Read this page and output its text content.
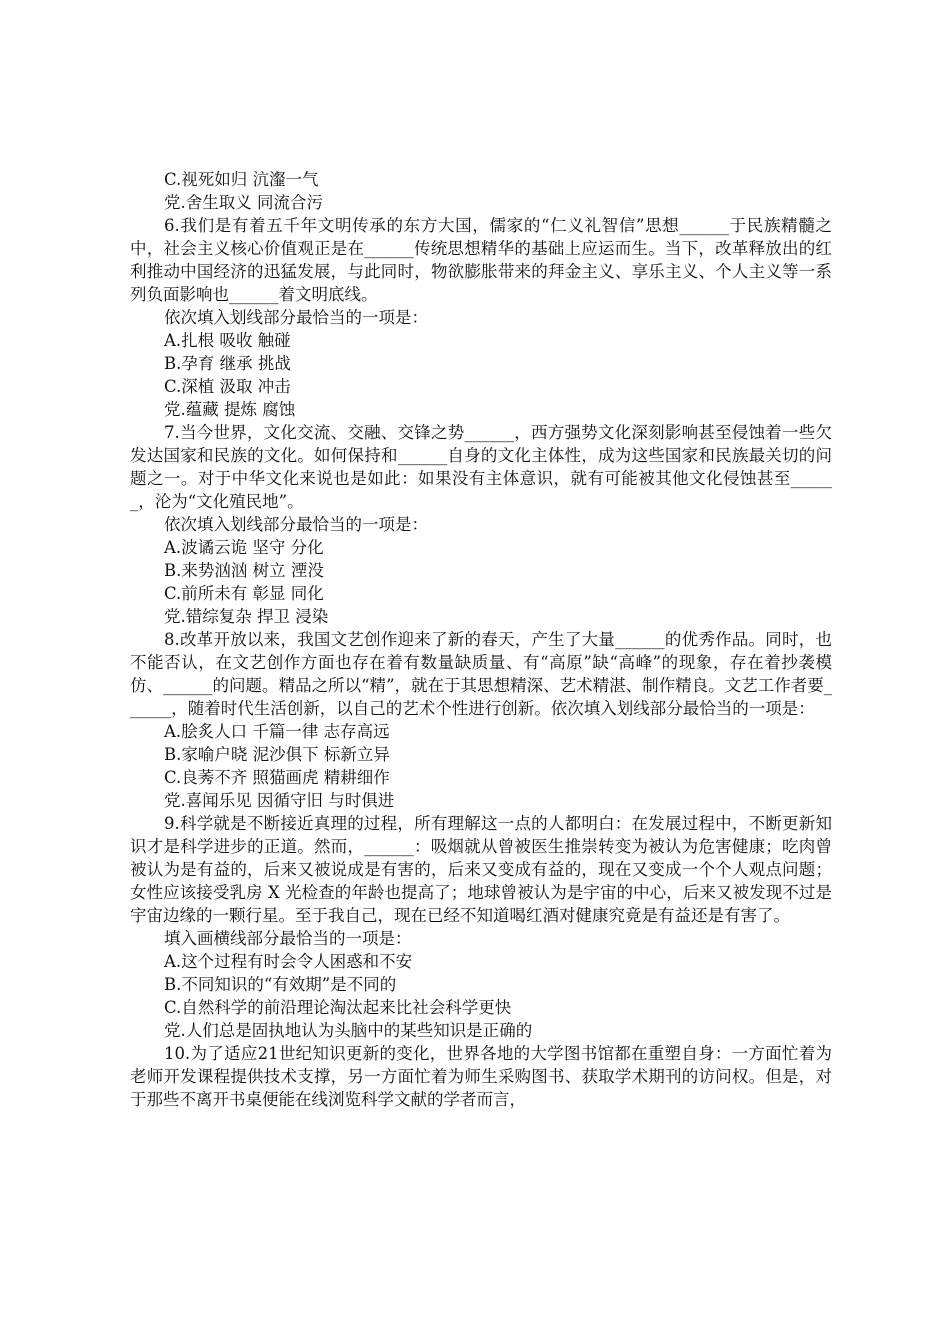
C.视死如归 沆瀣一气

党.舍生取义 同流合污

6.我们是有着五千年文明传承的东方大国，儒家的“仁义礼智信”思想______于民族精髓之中，社会主义核心价值观正是在______传统思想精华的基础上应运而生。当下，改革释放出的红利推动中国经济的迅猛发展，与此同时，物欲膨胀带来的拜金主义、享乐主义、个人主义等一系列负面影响也______着文明底线。

依次填入划线部分最恰当的一项是：

A.扎根 吸收 触碰

B.孕育 继承 挑战

C.深植 汲取 冲击

党.蕴藏 提炼 腐蚀

7.当今世界，文化交流、交融、交锋之势______，西方强势文化深刻影响甚至侵蚀着一些欠发达国家和民族的文化。如何保持和______自身的文化主体性，成为这些国家和民族最关切的问题之一。对于中华文化来说也是如此：如果没有主体意识，就有可能被其他文化侵蚀甚至______，沦为“文化殖民地”。

依次填入划线部分最恰当的一项是：

A.波谲云诡 坚守 分化

B.来势汹汹 树立 湮没

C.前所未有 彰显 同化

党.错综复杂 捍卫 浸染

8.改革开放以来，我国文艺创作迎来了新的春天，产生了大量______的优秀作品。同时，也不能否认，在文艺创作方面也存在着有数量缺质量、有“高原”缺“高峰”的现象，存在着抄袭模仿、______的问题。精品之所以“精”，就在于其思想精深、艺术精湛、制作精良。文艺工作者要______，随着时代生活创新，以自己的艺术个性进行创新。依次填入划线部分最恰当的一项是：

A.脍炙人口 千篇一律 志存高远

B.家喻户晓 泥沙俱下 标新立异

C.良莠不齐 照猫画虎 精耕细作

党.喜闻乐见 因循守旧 与时俱进

9.科学就是不断接近真理的过程，所有理解这一点的人都明白：在发展过程中，不断更新知识才是科学进步的正道。然而，______：吸烟就从曾被医生推崇转变为被认为危害健康；吃肉曾被认为是有益的，后来又被说成是有害的，后来又变成有益的，现在又变成一个个人观点问题；女性应该接受乳房 X 光检查的年龄也提高了；地球曾被认为是宇宙的中心，后来又被发现不过是宇宙边缘的一颗行星。至于我自己，现在已经不知道喝红酒对健康究竟是有益还是有害了。

填入画横线部分最恰当的一项是：

A.这个过程有时会令人困惑和不安

B.不同知识的“有效期”是不同的

C.自然科学的前沿理论淘汰起来比社会科学更快

党.人们总是固执地认为头脑中的某些知识是正确的

10.为了适应21世纪知识更新的变化，世界各地的大学图书馆都在重塑自身：一方面忙着为老师开发课程提供技术支撑，另一方面忙着为师生采购图书、获取学术期刊的访问权。但是，对于那些不离开书桌便能在线浏览科学文献的学者而言，
